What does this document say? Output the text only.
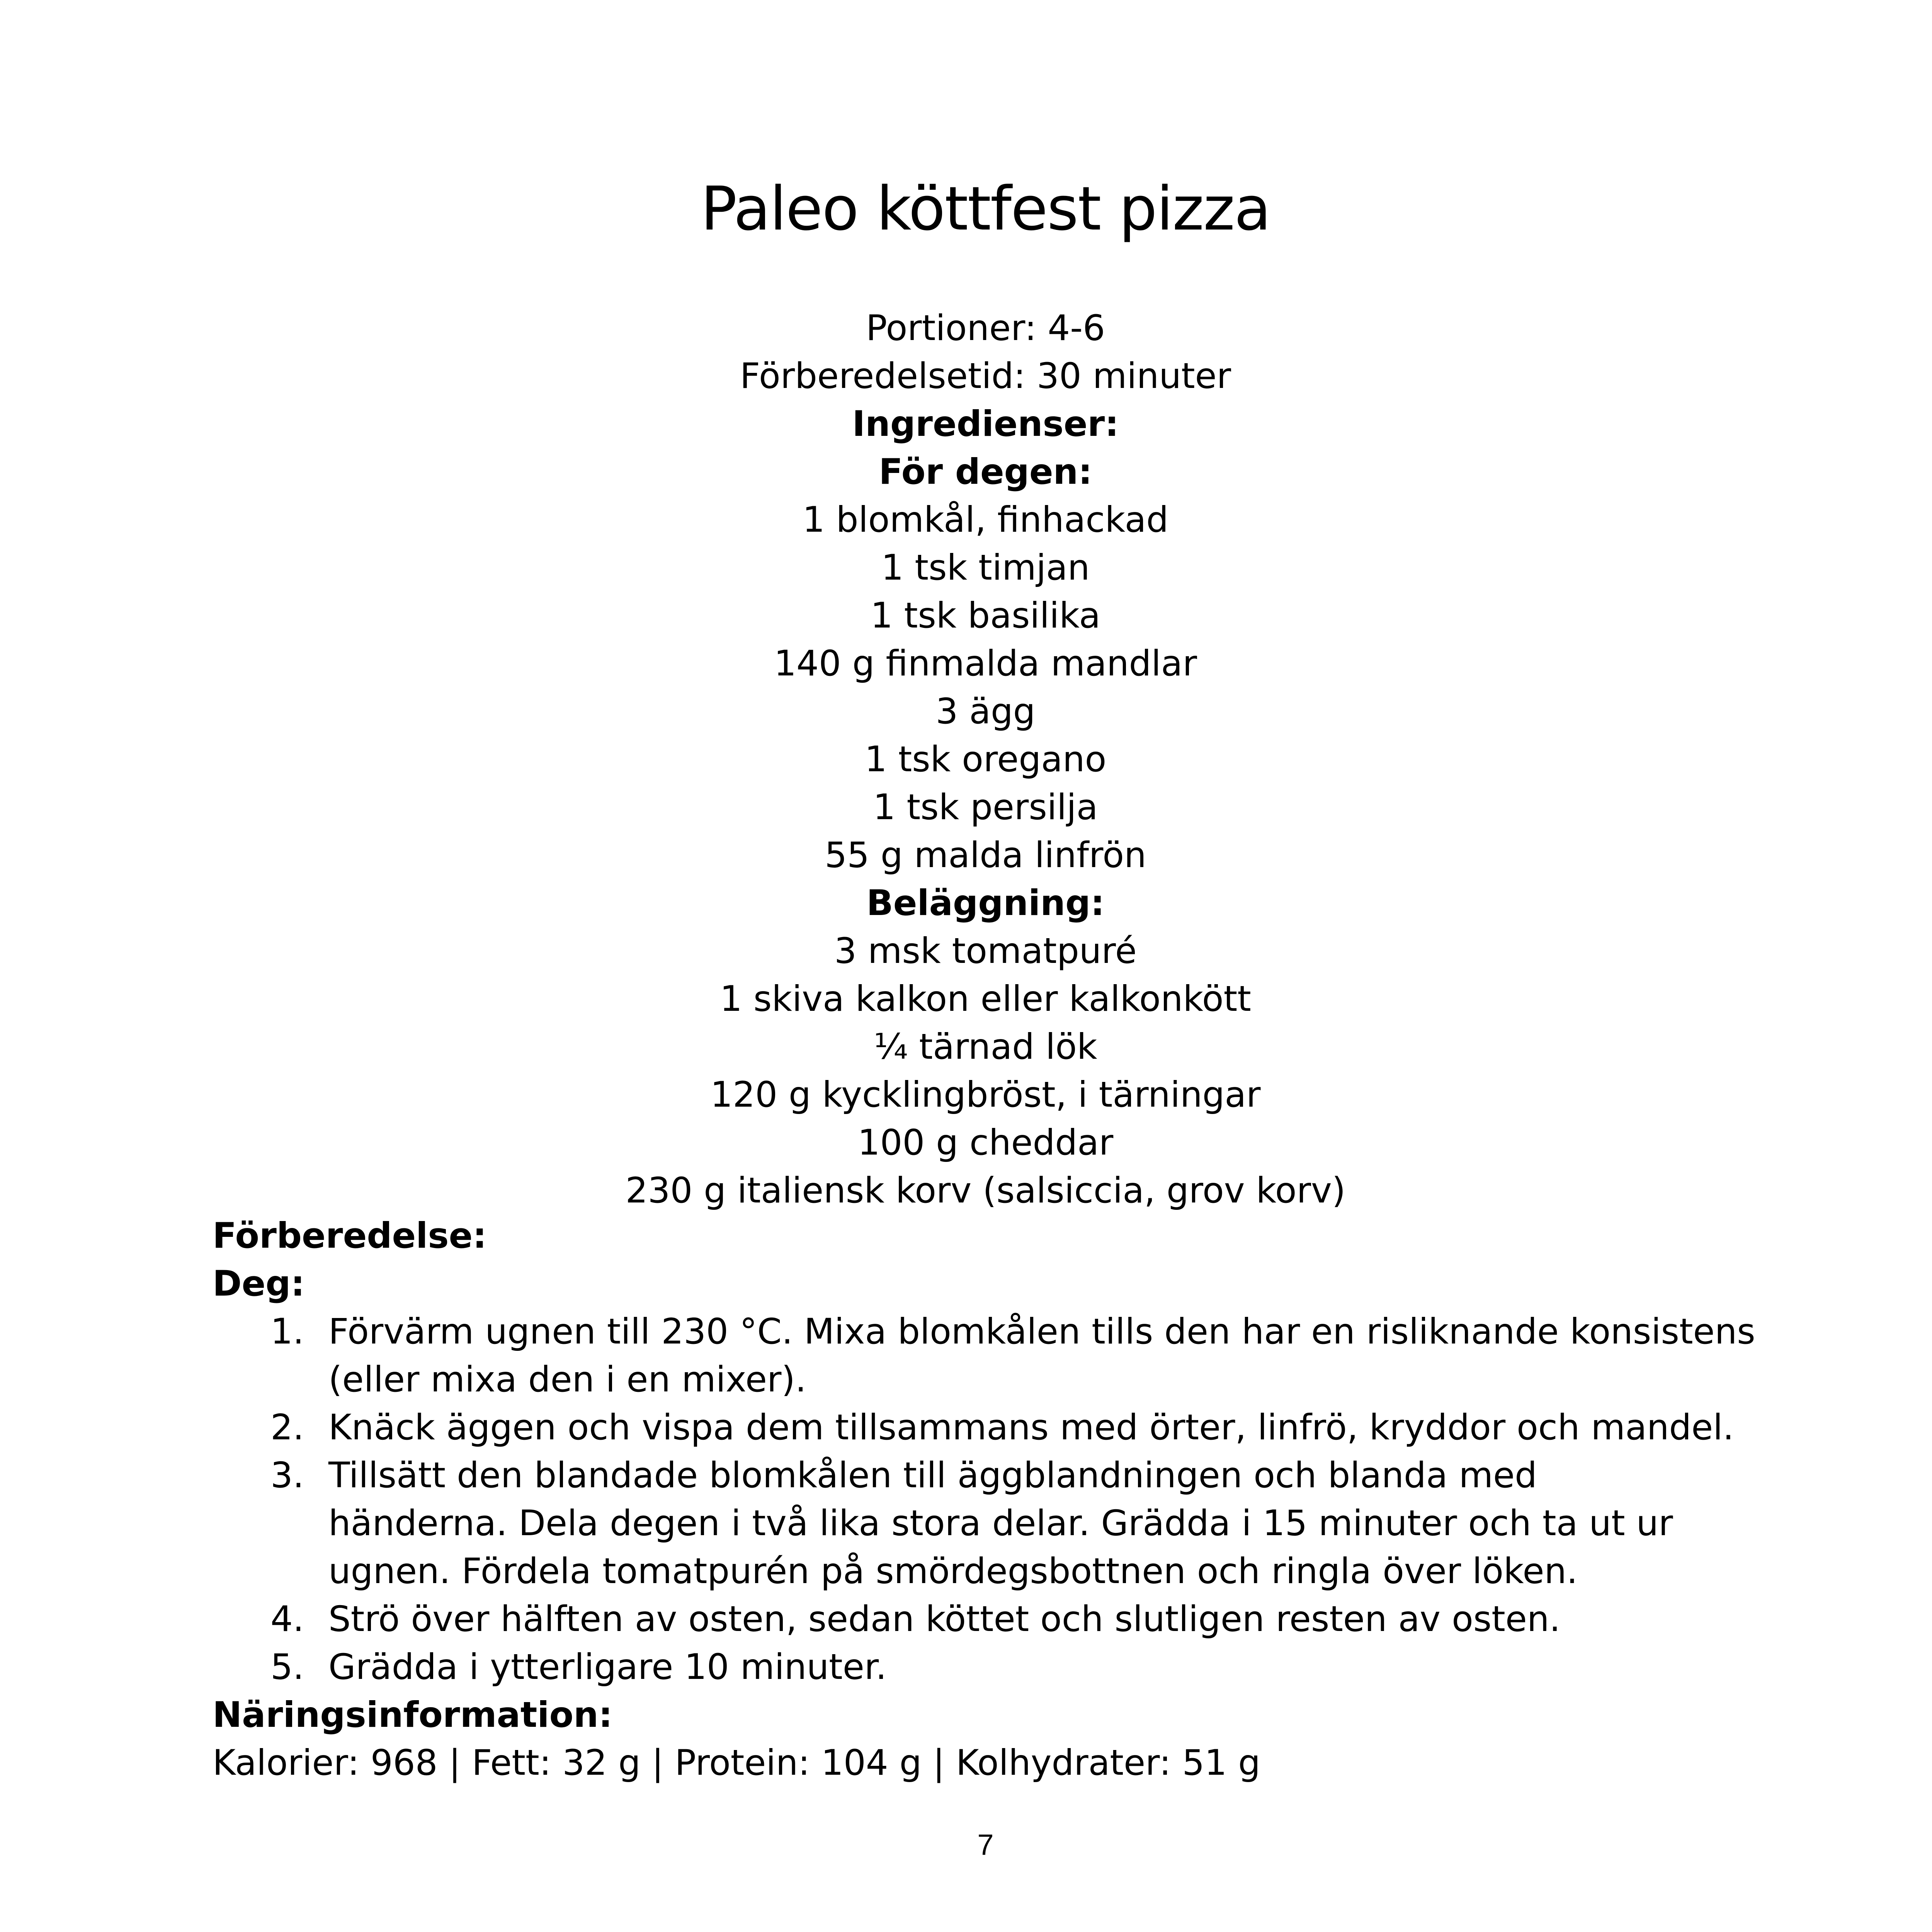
Paleo köttfest pizza
Portioner: 4-6
Förberedelsetid: 30 minuter
Ingredienser:
För degen:
1 blomkål, finhackad
1 tsk timjan
1 tsk basilika
140 g finmalda mandlar
3 ägg
1 tsk oregano
1 tsk persilja
55 g malda linfrön
Beläggning:
3 msk tomatpuré
1 skiva kalkon eller kalkonkött
¼ tärnad lök
120 g kycklingbröst, i tärningar
100 g cheddar
230 g italiensk korv (salsiccia, grov korv)
Förberedelse:
Deg:
1. Förvärm ugnen till 230 °C. Mixa blomkålen tills den har en risliknande konsistens
(eller mixa den i en mixer).
2. Knäck äggen och vispa dem tillsammans med örter, linfrö, kryddor och mandel.
3. Tillsätt den blandade blomkålen till äggblandningen och blanda med
händerna. Dela degen i två lika stora delar. Grädda i 15 minuter och ta ut ur
ugnen. Fördela tomatpurén på smördegsbottnen och ringla över löken.
4. Strö över hälften av osten, sedan köttet och slutligen resten av osten.
5. Grädda i ytterligare 10 minuter.
Näringsinformation:
Kalorier: 968 | Fett: 32 g | Protein: 104 g | Kolhydrater: 51 g
7
